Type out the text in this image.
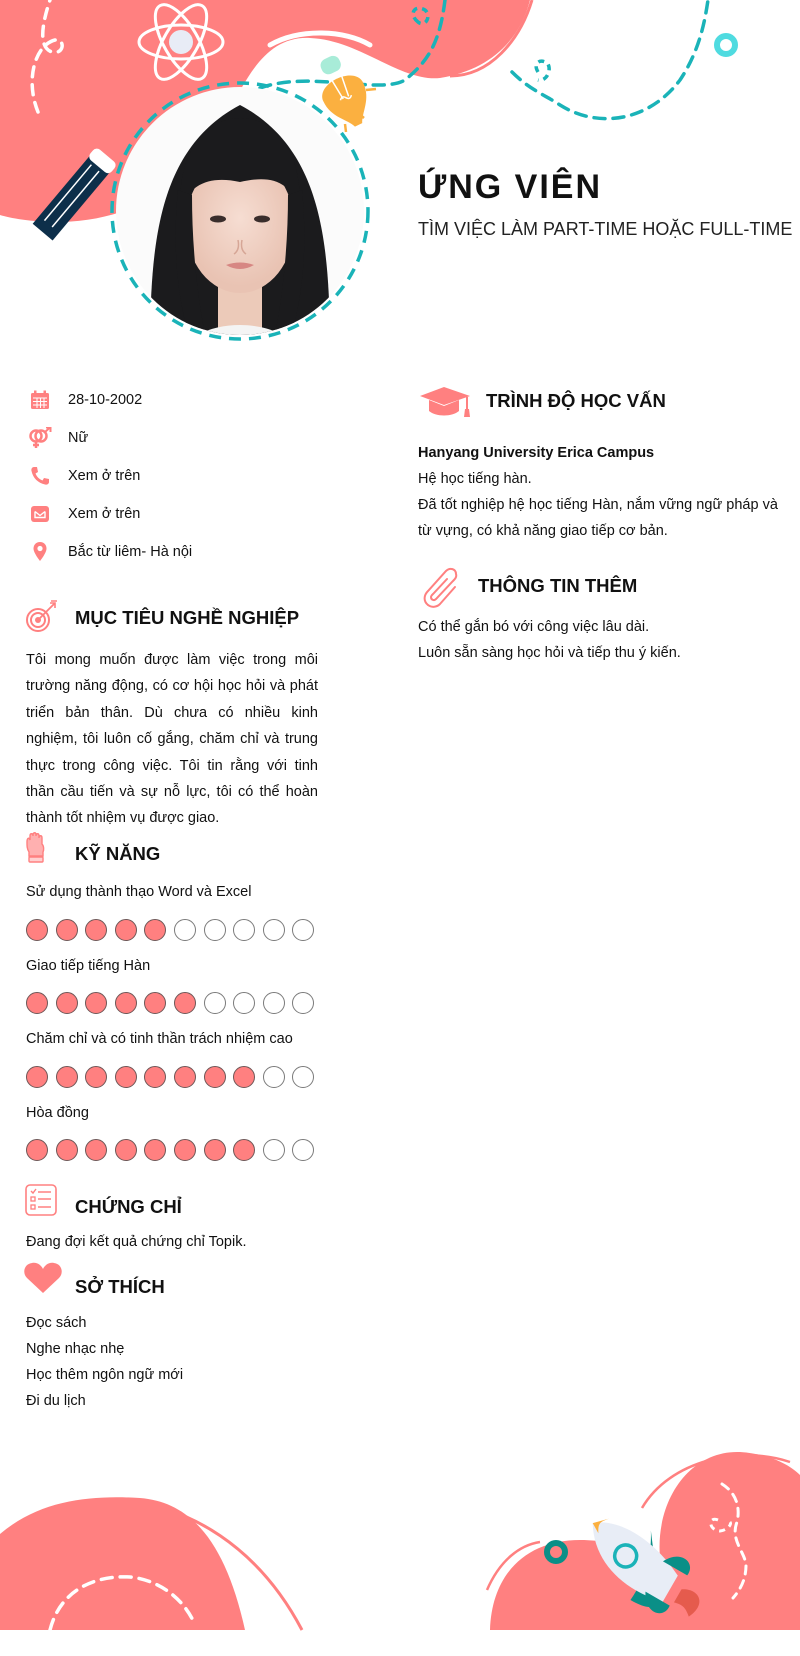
ỨNG VIÊN
TÌM VIỆC LÀM PART-TIME HOẶC FULL-TIME
28-10-2002
Nữ
Xem ở trên
Xem ở trên
Bắc từ liêm- Hà nội
MỤC TIÊU NGHỀ NGHIỆP
Tôi mong muốn được làm việc trong môi trường năng động, có cơ hội học hỏi và phát triển bản thân. Dù chưa có nhiều kinh nghiệm, tôi luôn cố gắng, chăm chỉ và trung thực trong công việc. Tôi tin rằng với tinh thần cầu tiến và sự nỗ lực, tôi có thể hoàn thành tốt nhiệm vụ được giao.
KỸ NĂNG
Sử dụng thành thạo Word và Excel
Giao tiếp tiếng Hàn
Chăm chỉ và có tinh thần trách nhiệm cao
Hòa đồng
CHỨNG CHỈ
Đang đợi kết quả chứng chỉ Topik.
SỞ THÍCH
Đọc sách
Nghe nhạc nhẹ
Học thêm ngôn ngữ mới
Đi du lịch
TRÌNH ĐỘ HỌC VẤN
Hanyang University Erica Campus
Hệ học tiếng hàn.
Đã tốt nghiệp hệ học tiếng Hàn, nắm vững ngữ pháp và từ vựng, có khả năng giao tiếp cơ bản.
THÔNG TIN THÊM
Có thể gắn bó với công việc lâu dài.
Luôn sẵn sàng học hỏi và tiếp thu ý kiến.
